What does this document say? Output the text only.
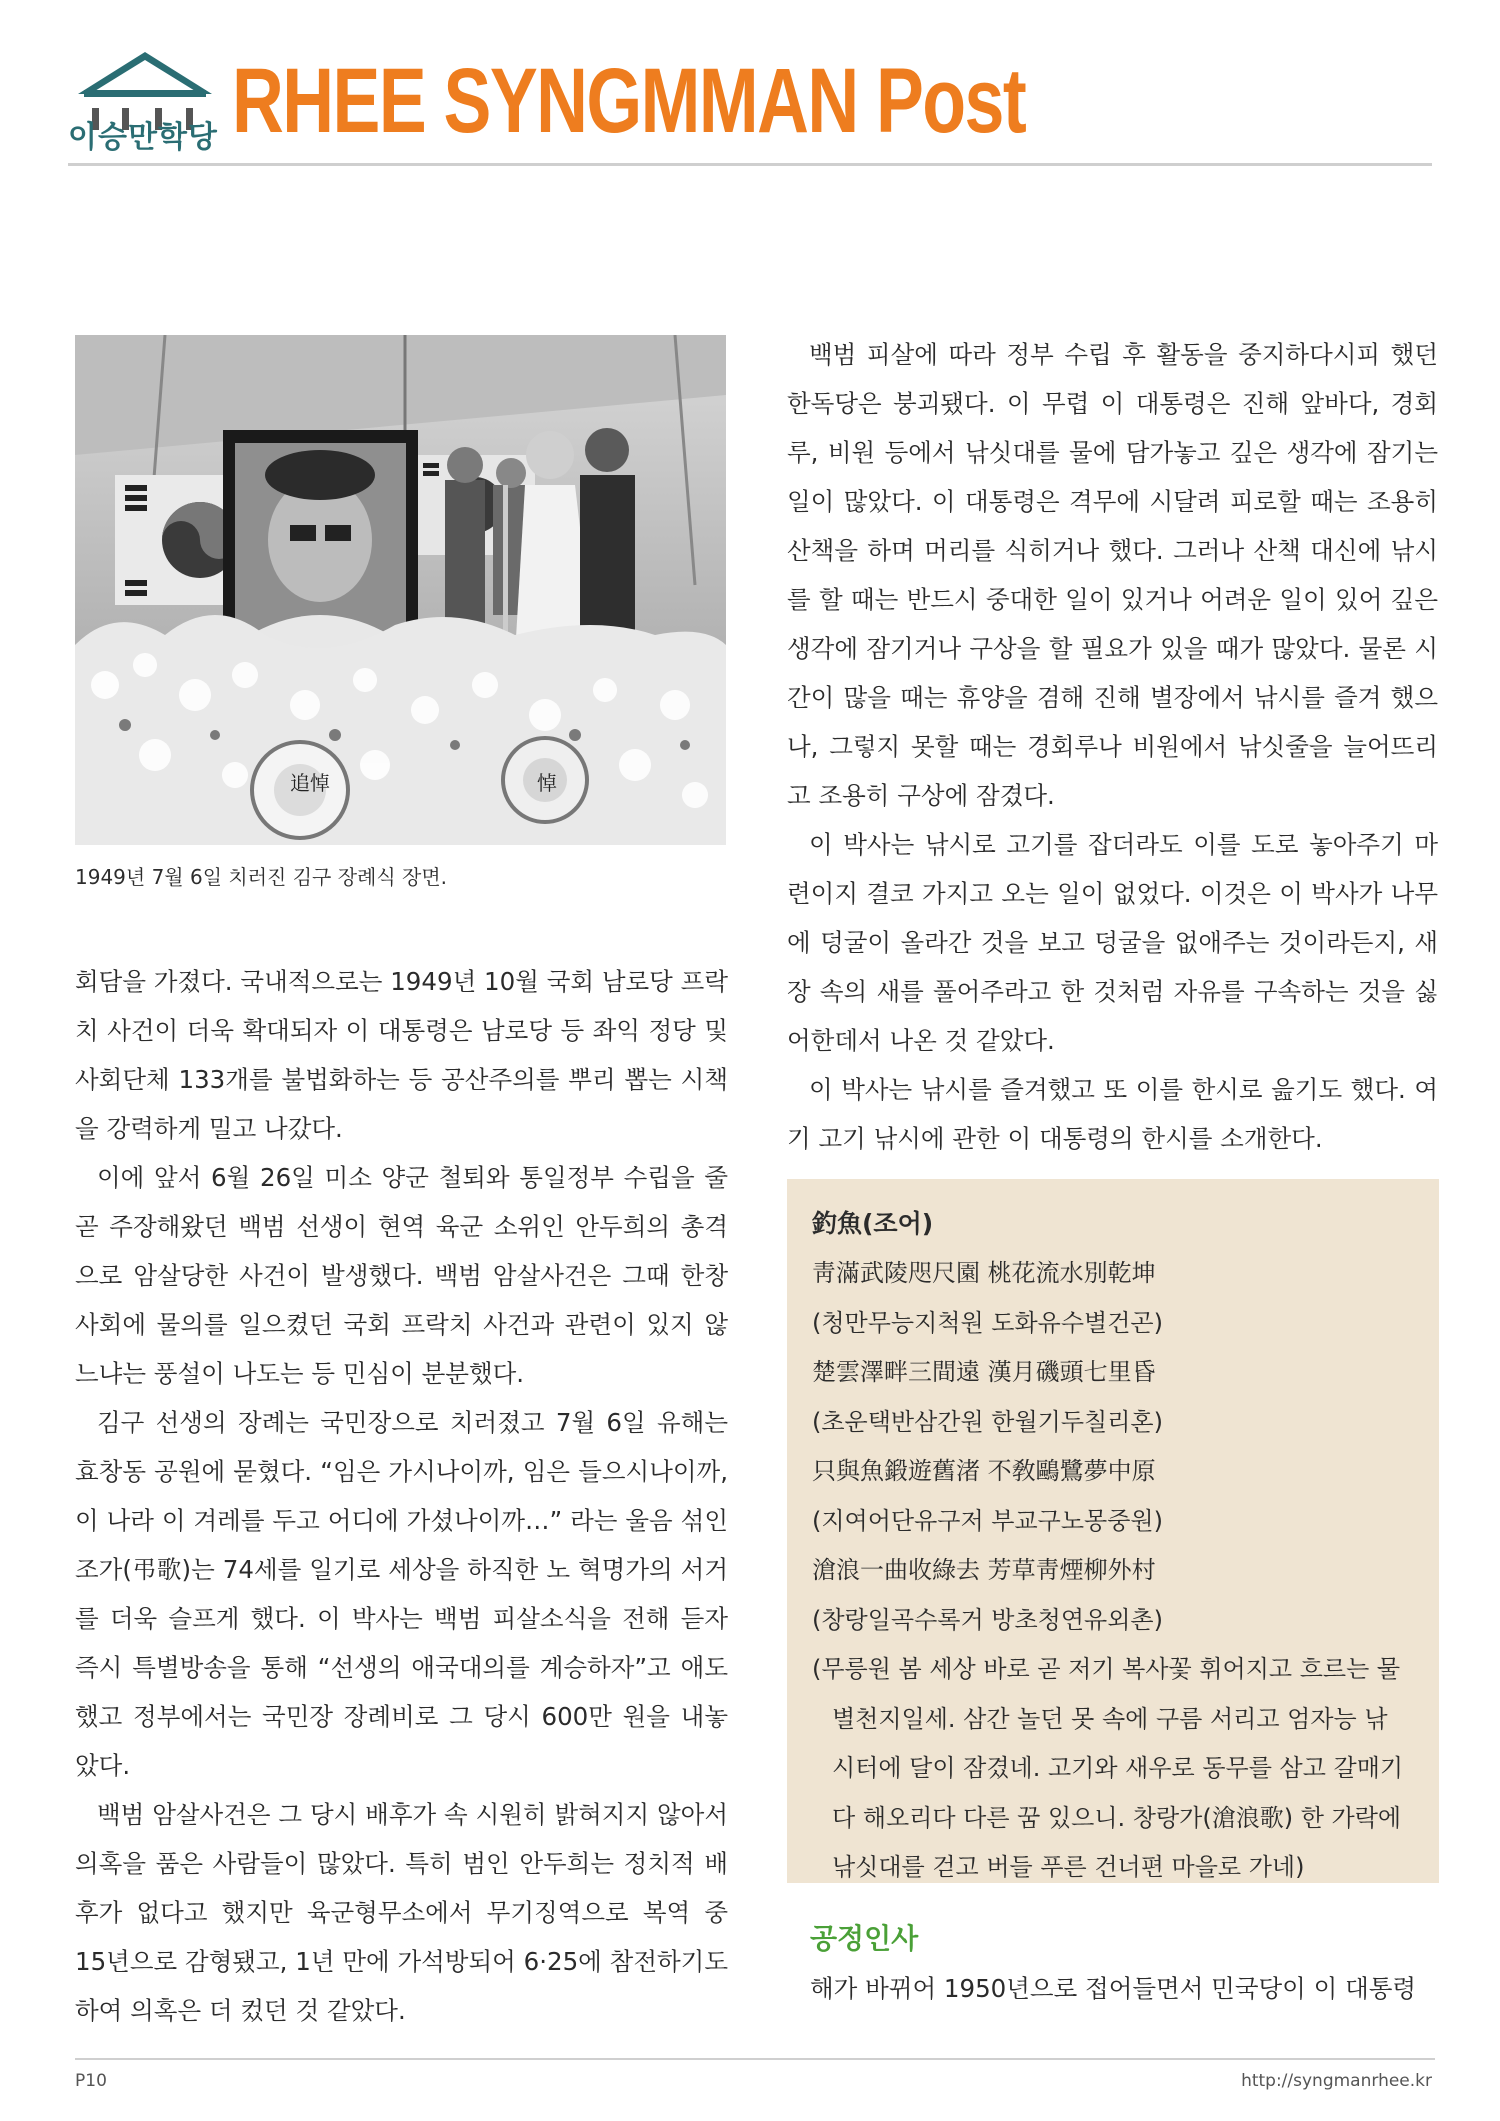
이승만학당 RHEE SYNGMMAN Post
追悼	悼
1949년 7월 6일 치러진 김구 장례식 장면.

회담을 가졌다. 국내적으로는 1949년 10월 국회 남로당 프락치 사건이 더욱 확대되자 이 대통령은 남로당 등 좌익 정당 및 사회단체 133개를 불법화하는 등 공산주의를 뿌리 뽑는 시책을 강력하게 밀고 나갔다.

이에 앞서 6월 26일 미소 양군 철퇴와 통일정부 수립을 줄곧 주장해왔던 백범 선생이 현역 육군 소위인 안두희의 총격으로 암살당한 사건이 발생했다. 백범 암살사건은 그때 한창 사회에 물의를 일으켰던 국회 프락치 사건과 관련이 있지 않느냐는 풍설이 나도는 등 민심이 분분했다.

김구 선생의 장례는 국민장으로 치러졌고 7월 6일 유해는 효창동 공원에 묻혔다. “임은 가시나이까, 임은 들으시나이까, 이 나라 이 겨레를 두고 어디에 가셨나이까…” 라는 울음 섞인 조가(弔歌)는 74세를 일기로 세상을 하직한 노 혁명가의 서거를 더욱 슬프게 했다. 이 박사는 백범 피살소식을 전해 듣자 즉시 특별방송을 통해 “선생의 애국대의를 계승하자”고 애도했고 정부에서는 국민장 장례비로 그 당시 600만 원을 내놓았다.

백범 암살사건은 그 당시 배후가 속 시원히 밝혀지지 않아서 의혹을 품은 사람들이 많았다. 특히 범인 안두희는 정치적 배후가 없다고 했지만 육군형무소에서 무기징역으로 복역 중 15년으로 감형됐고, 1년 만에 가석방되어 6·25에 참전하기도 하여 의혹은 더 컸던 것 같았다.

백범 피살에 따라 정부 수립 후 활동을 중지하다시피 했던 한독당은 붕괴됐다. 이 무렵 이 대통령은 진해 앞바다, 경회루, 비원 등에서 낚싯대를 물에 담가놓고 깊은 생각에 잠기는 일이 많았다. 이 대통령은 격무에 시달려 피로할 때는 조용히 산책을 하며 머리를 식히거나 했다. 그러나 산책 대신에 낚시를 할 때는 반드시 중대한 일이 있거나 어려운 일이 있어 깊은 생각에 잠기거나 구상을 할 필요가 있을 때가 많았다. 물론 시간이 많을 때는 휴양을 겸해 진해 별장에서 낚시를 즐겨 했으나, 그렇지 못할 때는 경회루나 비원에서 낚싯줄을 늘어뜨리고 조용히 구상에 잠겼다.

이 박사는 낚시로 고기를 잡더라도 이를 도로 놓아주기 마련이지 결코 가지고 오는 일이 없었다. 이것은 이 박사가 나무에 덩굴이 올라간 것을 보고 덩굴을 없애주는 것이라든지, 새장 속의 새를 풀어주라고 한 것처럼 자유를 구속하는 것을 싫어한데서 나온 것 같았다.

이 박사는 낚시를 즐겨했고 또 이를 한시로 읊기도 했다. 여기 고기 낚시에 관한 이 대통령의 한시를 소개한다.

釣魚(조어)
靑滿武陵咫尺園 桃花流水別乾坤
(청만무능지척원 도화유수별건곤)
楚雲澤畔三間遠 漢月磯頭七里昏
(초운택반삼간원 한월기두칠리혼)
只與魚鍛遊舊渚 不敎鷗鷺夢中原
(지여어단유구저 부교구노몽중원)
滄浪一曲收綠去 芳草靑煙柳外村
(창랑일곡수록거 방초청연유외촌)
(무릉원 봄 세상 바로 곧 저기 복사꽃 휘어지고 흐르는 물 별천지일세. 삼간 놀던 못 속에 구름 서리고 엄자능 낚시터에 달이 잠겼네. 고기와 새우로 동무를 삼고 갈매기다 해오리다 다른 꿈 있으니. 창랑가(滄浪歌) 한 가락에 낚싯대를 걷고 버들 푸른 건너편 마을로 가네)
공정인사
해가 바뀌어 1950년으로 접어들면서 민국당이 이 대통령
P10	http://syngmanrhee.kr
